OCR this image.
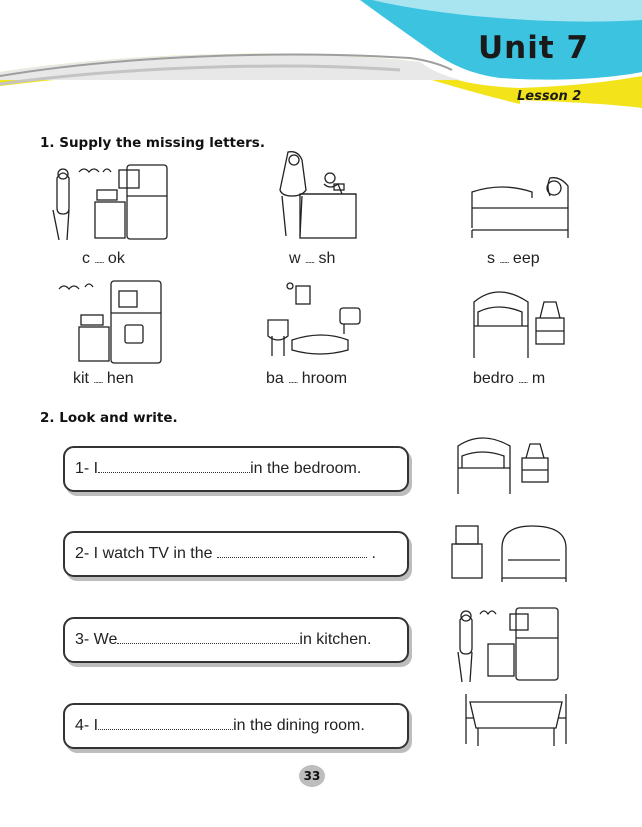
Unit 7
Lesson 2
1. Supply the missing letters.
c ...... ok	w ...... sh	s ...... eep
kit ...... hen	ba ...... hroom	bedro ...... m
2. Look and write.
1- I	in the bedroom.
2- I watch TV in the	.
3- We	in kitchen.
4- I	in the dining room.
33
